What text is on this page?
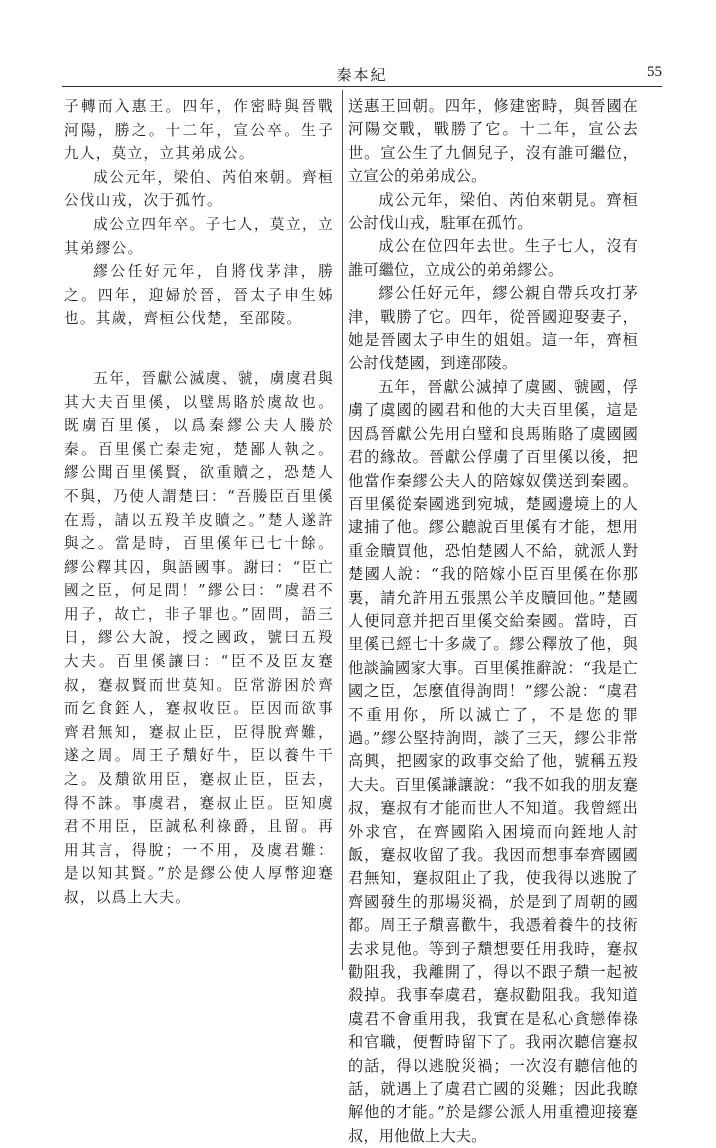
秦本紀	55

子轉而入惠王。四年，作密畤與晉戰河陽，勝之。十二年，宣公卒。生子九人，莫立，立其弟成公。

成公元年，梁伯、芮伯來朝。齊桓公伐山戎，次于孤竹。

成公立四年卒。子七人，莫立，立其弟繆公。

繆公任好元年，自將伐茅津，勝之。四年，迎婦於晉，晉太子申生姊也。其歲，齊桓公伐楚，至邵陵。

五年，晉獻公滅虞、虢，虜虞君與其大夫百里傒，以璧馬賂於虞故也。既虜百里傒，以爲秦繆公夫人媵於秦。百里傒亡秦走宛，楚鄙人執之。繆公聞百里傒賢，欲重贖之，恐楚人不與，乃使人謂楚曰：“吾媵臣百里傒在焉，請以五羖羊皮贖之。”楚人遂許與之。當是時，百里傒年已七十餘。繆公釋其囚，與語國事。謝曰：“臣亡國之臣，何足問！”繆公曰：“虞君不用子，故亡，非子罪也。”固問，語三日，繆公大說，授之國政，號曰五羖大夫。百里傒讓曰：“臣不及臣友蹇叔，蹇叔賢而世莫知。臣常游困於齊而乞食銍人，蹇叔收臣。臣因而欲事齊君無知，蹇叔止臣，臣得脫齊難，遂之周。周王子穨好牛，臣以養牛干之。及穨欲用臣，蹇叔止臣，臣去，得不誅。事虞君，蹇叔止臣。臣知虞君不用臣，臣誠私利祿爵，且留。再用其言，得脫；一不用，及虞君難：是以知其賢。”於是繆公使人厚幣迎蹇叔，以爲上大夫。

送惠王回朝。四年，修建密畤，與晉國在河陽交戰，戰勝了它。十二年，宣公去世。宣公生了九個兒子，沒有誰可繼位，立宣公的弟弟成公。

成公元年，梁伯、芮伯來朝見。齊桓公討伐山戎，駐軍在孤竹。

成公在位四年去世。生子七人，沒有誰可繼位，立成公的弟弟繆公。

繆公任好元年，繆公親自帶兵攻打茅津，戰勝了它。四年，從晉國迎娶妻子，她是晉國太子申生的姐姐。這一年，齊桓公討伐楚國，到達邵陵。

五年，晉獻公滅掉了虞國、虢國，俘虜了虞國的國君和他的大夫百里傒，這是因爲晉獻公先用白璧和良馬賄賂了虞國國君的緣故。晉獻公俘虜了百里傒以後，把他當作秦繆公夫人的陪嫁奴僕送到秦國。百里傒從秦國逃到宛城，楚國邊境上的人逮捕了他。繆公聽說百里傒有才能，想用重金贖買他，恐怕楚國人不給，就派人對楚國人說：“我的陪嫁小臣百里傒在你那裏，請允許用五張黑公羊皮贖回他。”楚國人便同意并把百里傒交給秦國。當時，百里傒已經七十多歲了。繆公釋放了他，與他談論國家大事。百里傒推辭說：“我是亡國之臣，怎麼值得詢問！”繆公說：“虞君不重用你，所以滅亡了，不是您的罪過。”繆公堅持詢問，談了三天，繆公非常高興，把國家的政事交給了他，號稱五羖大夫。百里傒謙讓說：“我不如我的朋友蹇叔，蹇叔有才能而世人不知道。我曾經出外求官，在齊國陷入困境而向銍地人討飯，蹇叔收留了我。我因而想事奉齊國國君無知，蹇叔阻止了我，使我得以逃脫了齊國發生的那場災禍，於是到了周朝的國都。周王子穨喜歡牛，我憑着養牛的技術去求見他。等到子穨想要任用我時，蹇叔勸阻我，我離開了，得以不跟子穨一起被殺掉。我事奉虞君，蹇叔勸阻我。我知道虞君不會重用我，我實在是私心貪戀俸祿和官職，便暫時留下了。我兩次聽信蹇叔的話，得以逃脫災禍；一次沒有聽信他的話，就遇上了虞君亡國的災難；因此我瞭解他的才能。”於是繆公派人用重禮迎接蹇叔，用他做上大夫。
